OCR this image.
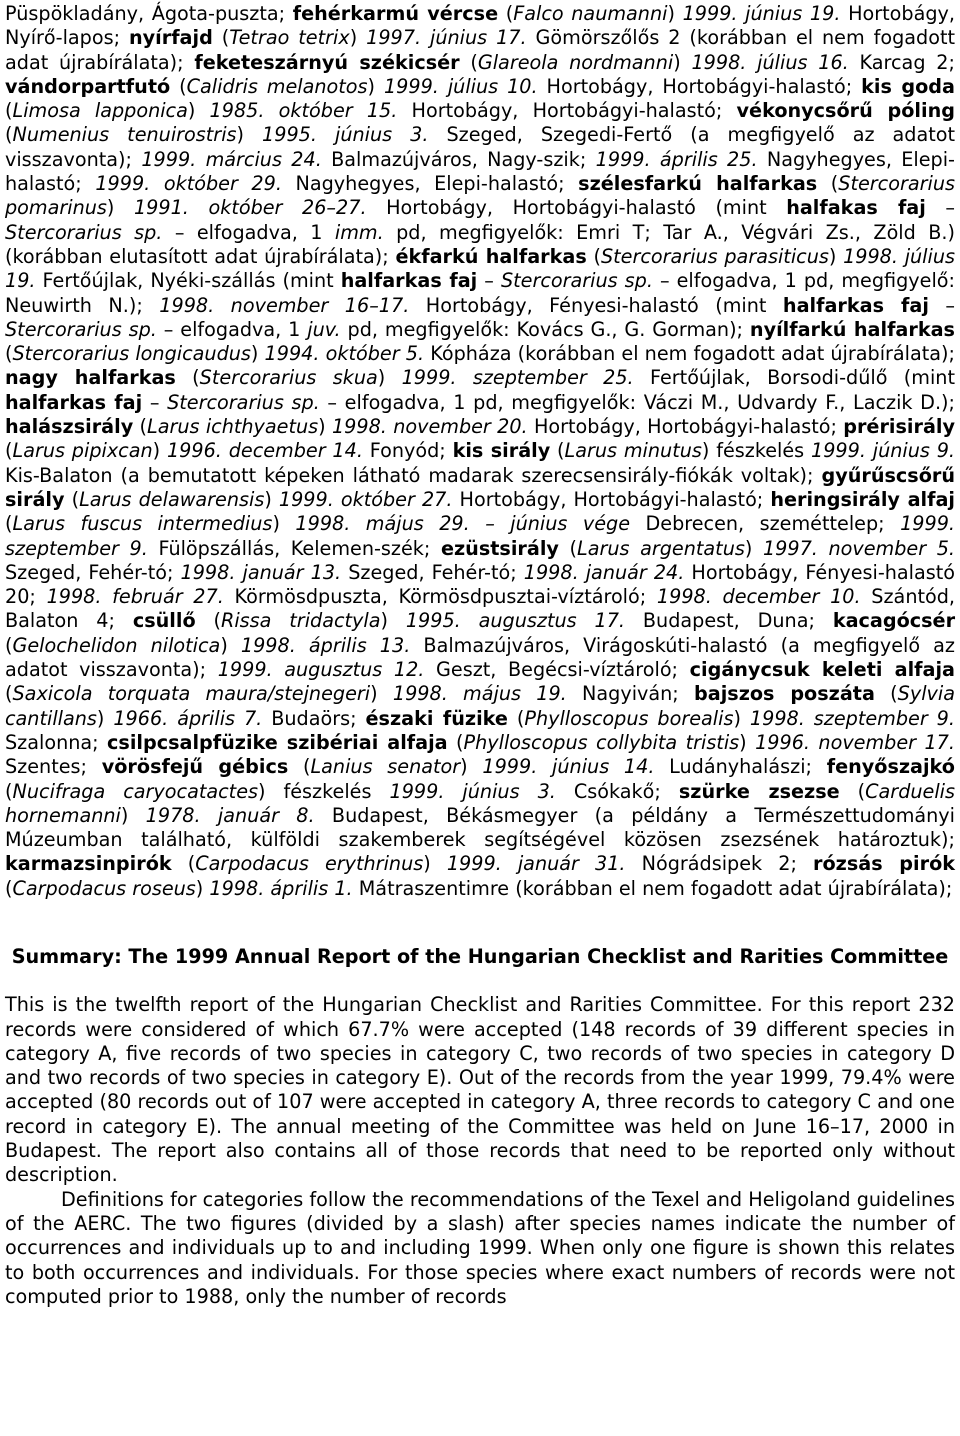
Püspökladány, Ágota-puszta; fehérkarmú vércse (Falco naumanni) 1999. június 19. Hortobágy, Nyírő-lapos; nyírfajd (Tetrao tetrix) 1997. június 17. Gömörszőlős 2 (korábban el nem fogadott adat újrabírálata); feketeszárnyú székicsér (Glareola nordmanni) 1998. július 16. Karcag 2; vándorpartfutó (Calidris melanotos) 1999. július 10. Hortobágy, Hortobágyi-halastó; kis goda (Limosa lapponica) 1985. október 15. Hortobágy, Hortobágyi-halastó; vékonycsőrű póling (Numenius tenuirostris) 1995. június 3. Szeged, Szegedi-Fertő (a megfigyelő az adatot visszavonta); 1999. március 24. Balmazújváros, Nagy-szik; 1999. április 25. Nagyhegyes, Elepi-halastó; 1999. október 29. Nagyhegyes, Elepi-halastó; szélesfarkú halfarkas (Stercorarius pomarinus) 1991. október 26–27. Hortobágy, Hortobágyi-halastó (mint halfakas faj – Stercorarius sp. – elfogadva, 1 imm. pd, megfigyelők: Emri T; Tar A., Végvári Zs., Zöld B.) (korábban elutasított adat újrabírálata); ékfarkú halfarkas (Stercorarius parasiticus) 1998. július 19. Fertőújlak, Nyéki-szállás (mint halfarkas faj – Stercorarius sp. – elfogadva, 1 pd, megfigyelő: Neuwirth N.); 1998. november 16–17. Hortobágy, Fényesi-halastó (mint halfarkas faj – Stercorarius sp. – elfogadva, 1 juv. pd, megfigyelők: Kovács G., G. Gorman); nyílfarkú halfarkas (Stercorarius longicaudus) 1994. október 5. Kópháza (korábban el nem fogadott adat újrabírálata); nagy halfarkas (Stercorarius skua) 1999. szeptember 25. Fertőújlak, Borsodi-dűlő (mint halfarkas faj – Stercorarius sp. – elfogadva, 1 pd, megfigyelők: Váczi M., Udvardy F., Laczik D.); halászsirály (Larus ichthyaetus) 1998. november 20. Hortobágy, Hortobágyi-halastó; prérisirály (Larus pipixcan) 1996. december 14. Fonyód; kis sirály (Larus minutus) fészkelés 1999. június 9. Kis-Balaton (a bemutatott képeken látható madarak szerecsensirály-fiókák voltak); gyűrűscsőrű sirály (Larus delawarensis) 1999. október 27. Hortobágy, Hortobágyi-halastó; heringsirály alfaj (Larus fuscus intermedius) 1998. május 29. – június vége Debrecen, szeméttelep; 1999. szeptember 9. Fülöpszállás, Kelemen-szék; ezüstsirály (Larus argentatus) 1997. november 5. Szeged, Fehér-tó; 1998. január 13. Szeged, Fehér-tó; 1998. január 24. Hortobágy, Fényesi-halastó 20; 1998. február 27. Körmösdpuszta, Körmösdpusztai-víztároló; 1998. december 10. Szántód, Balaton 4; csüllő (Rissa tridactyla) 1995. augusztus 17. Budapest, Duna; kacagócsér (Gelochelidon nilotica) 1998. április 13. Balmazújváros, Virágoskúti-halastó (a megfigyelő az adatot visszavonta); 1999. augusztus 12. Geszt, Begécsi-víztároló; cigánycsuk keleti alfaja (Saxicola torquata maura/stejnegeri) 1998. május 19. Nagyiván; bajszos poszáta (Sylvia cantillans) 1966. április 7. Budaörs; északi füzike (Phylloscopus borealis) 1998. szeptember 9. Szalonna; csilpcsalpfüzike szibériai alfaja (Phylloscopus collybita tristis) 1996. november 17. Szentes; vörösfejű gébics (Lanius senator) 1999. június 14. Ludányhalászi; fenyőszajkó (Nucifraga caryocatactes) fészkelés 1999. június 3. Csókakő; szürke zsezse (Carduelis hornemanni) 1978. január 8. Budapest, Békásmegyer (a példány a Természettudományi Múzeumban található, külföldi szakemberek segítségével közösen zsezsének határoztuk); karmazsinpirók (Carpodacus erythrinus) 1999. január 31. Nógrádsipek 2; rózsás pirók (Carpodacus roseus) 1998. április 1. Mátraszentimre (korábban el nem fogadott adat újrabírálata);

Summary: The 1999 Annual Report of the Hungarian Checklist and Rarities Committee

This is the twelfth report of the Hungarian Checklist and Rarities Committee. For this report 232 records were considered of which 67.7% were accepted (148 records of 39 different species in category A, five records of two species in category C, two records of two species in category D and two records of two species in category E). Out of the records from the year 1999, 79.4% were accepted (80 records out of 107 were accepted in category A, three records to category C and one record in category E). The annual meeting of the Committee was held on June 16–17, 2000 in Budapest. The report also contains all of those records that need to be reported only without description.

Definitions for categories follow the recommendations of the Texel and Heligoland guidelines of the AERC. The two figures (divided by a slash) after species names indicate the number of occurrences and individuals up to and including 1999. When only one figure is shown this relates to both occurrences and individuals. For those species where exact numbers of records were not computed prior to 1988, only the number of records
